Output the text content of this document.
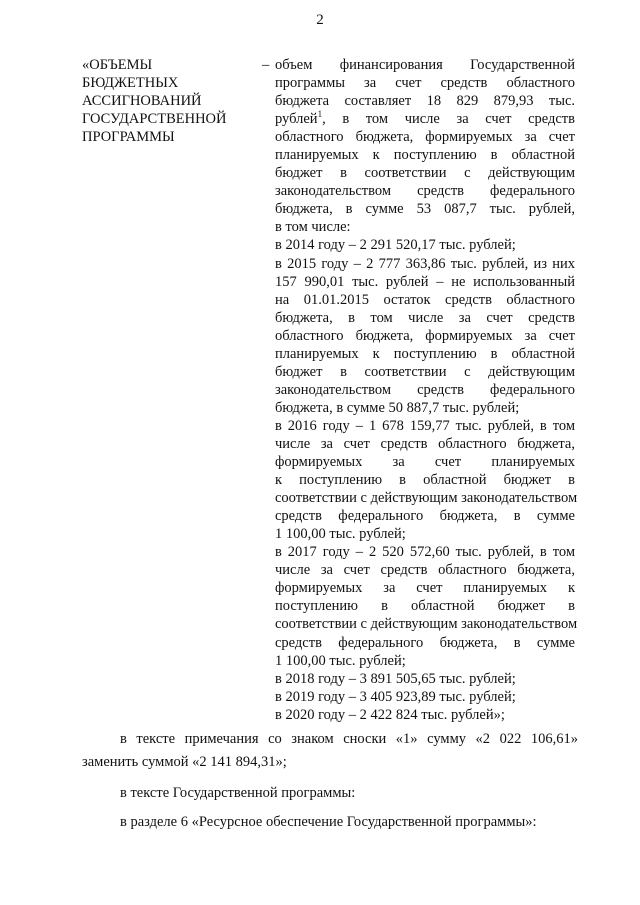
2
«ОБЪЕМЫ
БЮДЖЕТНЫХ
АССИГНОВАНИЙ
ГОСУДАРСТВЕННОЙ
ПРОГРАММЫ
– объем финансирования Государственной
программы за счет средств областного
бюджета составляет 18 829 879,93 тыс.
рублей$^1$, в том числе за счет средств
областного бюджета, формируемых за счет
планируемых к поступлению в областной
бюджет в соответствии с действующим
законодательством средств федерального
бюджета, в сумме 53 087,7 тыс. рублей,
в том числе:
в 2014 году – 2 291 520,17 тыс. рублей;
в 2015 году – 2 777 363,86 тыс. рублей, из них
157 990,01 тыс. рублей – не использованный
на 01.01.2015 остаток средств областного
бюджета, в том числе за счет средств
областного бюджета, формируемых за счет
планируемых к поступлению в областной
бюджет в соответствии с действующим
законодательством средств федерального
бюджета, в сумме 50 887,7 тыс. рублей;
в 2016 году – 1 678 159,77 тыс. рублей, в том
числе за счет средств областного бюджета,
формируемых за счет планируемых
к поступлению в областной бюджет в
соответствии с действующим законодательством
средств федерального бюджета, в сумме
1 100,00 тыс. рублей;
в 2017 году – 2 520 572,60 тыс. рублей, в том
числе за счет средств областного бюджета,
формируемых за счет планируемых к
поступлению в областной бюджет в
соответствии с действующим законодательством
средств федерального бюджета, в сумме
1 100,00 тыс. рублей;
в 2018 году – 3 891 505,65 тыс. рублей;
в 2019 году – 3 405 923,89 тыс. рублей;
в 2020 году – 2 422 824 тыс. рублей»;
в тексте примечания со знаком сноски «1» сумму «2 022 106,61»
заменить суммой «2 141 894,31»;
в тексте Государственной программы:
в разделе 6 «Ресурсное обеспечение Государственной программы»:
